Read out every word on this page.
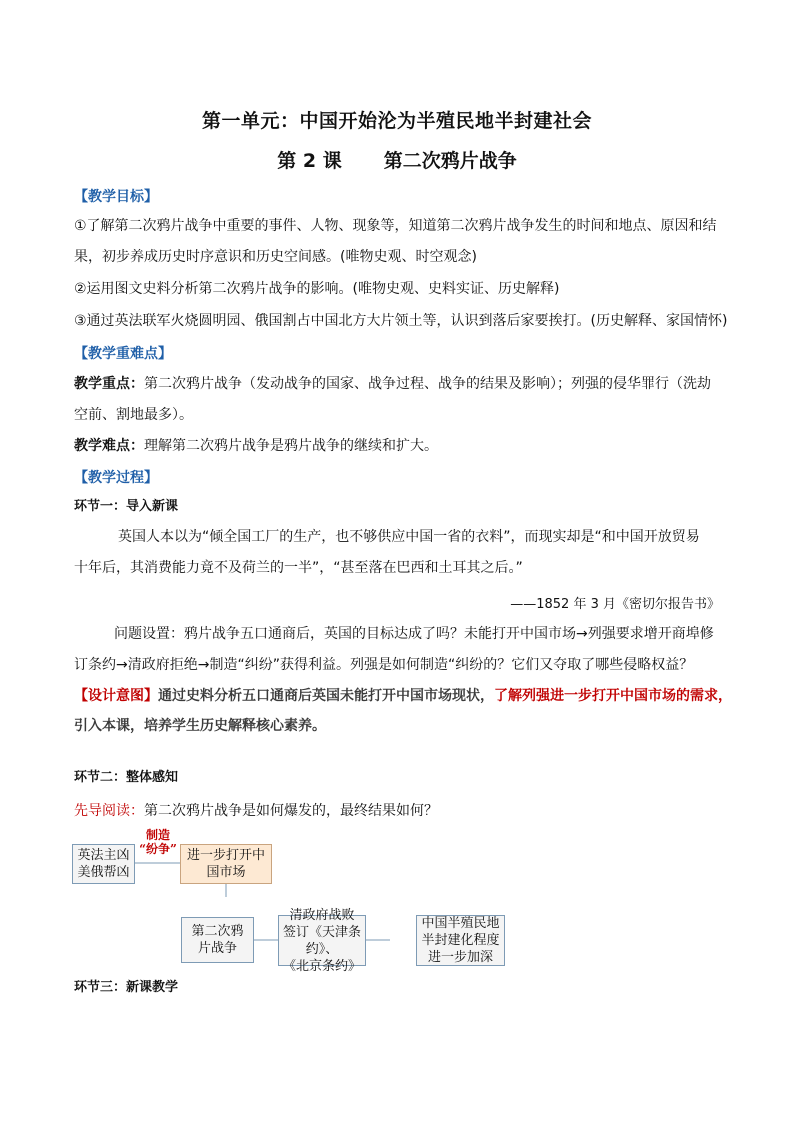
第一单元：中国开始沦为半殖民地半封建社会
第 2 课 第二次鸦片战争
【教学目标】
①了解第二次鸦片战争中重要的事件、人物、现象等，知道第二次鸦片战争发生的时间和地点、原因和结
果，初步养成历史时序意识和历史空间感。(唯物史观、时空观念)
②运用图文史料分析第二次鸦片战争的影响。(唯物史观、史料实证、历史解释)
③通过英法联军火烧圆明园、俄国割占中国北方大片领土等，认识到落后家要挨打。(历史解释、家国情怀)
【教学重难点】
教学重点：第二次鸦片战争（发动战争的国家、战争过程、战争的结果及影响）；列强的侵华罪行（洗劫
空前、割地最多）。
教学难点：理解第二次鸦片战争是鸦片战争的继续和扩大。
【教学过程】
环节一：导入新课
英国人本以为“倾全国工厂的生产，也不够供应中国一省的衣料”，而现实却是“和中国开放贸易
十年后，其消费能力竟不及荷兰的一半”，“甚至落在巴西和土耳其之后。”
——1852 年 3 月《密切尔报告书》
问题设置：鸦片战争五口通商后，英国的目标达成了吗？未能打开中国市场→列强要求增开商埠修
订条约→清政府拒绝→制造“纠纷”获得利益。列强是如何制造“纠纷的？它们又夺取了哪些侵略权益？
【设计意图】通过史料分析五口通商后英国未能打开中国市场现状，了解列强进一步打开中国市场的需求，
引入本课，培养学生历史解释核心素养。
环节二：整体感知
先导阅读：第二次鸦片战争是如何爆发的，最终结果如何？
英法主凶
美俄帮凶
制造
“纷争” 进一步打开中
国市场
第二次鸦
片战争
清政府战败
签订《天津条约》、
《北京条约》
中国半殖民地
半封建化程度
进一步加深
环节三：新课教学
